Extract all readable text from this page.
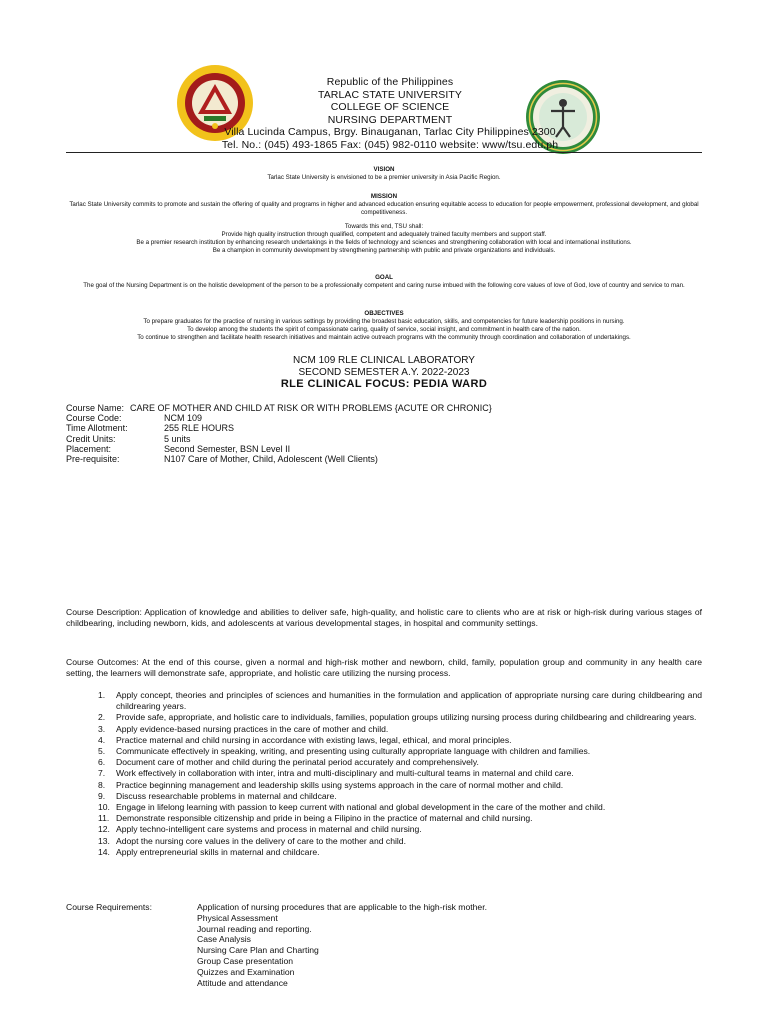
Republic of the Philippines
TARLAC STATE UNIVERSITY
COLLEGE OF SCIENCE
NURSING DEPARTMENT
Villa Lucinda Campus, Brgy. Binauganan, Tarlac City Philippines 2300
Tel. No.: (045) 493-1865 Fax: (045) 982-0110 website: www/tsu.edu.ph
VISION
Tarlac State University is envisioned to be a premier university in Asia Pacific Region.
MISSION
Tarlac State University commits to promote and sustain the offering of quality and programs in higher and advanced education ensuring equitable access to education for people empowerment, professional development, and global competitiveness.
Towards this end, TSU shall:
Provide high quality instruction through qualified, competent and adequately trained faculty members and support staff.
Be a premier research institution by enhancing research undertakings in the fields of technology and sciences and strengthening collaboration with local and international institutions.
Be a champion in community development by strengthening partnership with public and private organizations and individuals.
GOAL
The goal of the Nursing Department is on the holistic development of the person to be a professionally competent and caring nurse imbued with the following core values of love of God, love of country and service to man.
OBJECTIVES
To prepare graduates for the practice of nursing in various settings by providing the broadest basic education, skills, and competencies for future leadership positions in nursing.
To develop among the students the spirit of compassionate caring, quality of service, social insight, and commitment in health care of the nation.
To continue to strengthen and facilitate health research initiatives and maintain active outreach programs with the community through coordination and collaboration of undertakings.
NCM 109 RLE CLINICAL LABORATORY
SECOND SEMESTER A.Y. 2022-2023
RLE CLINICAL FOCUS: PEDIA WARD
Course Name: CARE OF MOTHER AND CHILD AT RISK OR WITH PROBLEMS {ACUTE OR CHRONIC}
Course Code:	NCM 109
Time Allotment:	255 RLE HOURS
Credit Units:	5 units
Placement:	Second Semester, BSN Level II
Pre-requisite:	N107 Care of Mother, Child, Adolescent (Well Clients)
Course Description: Application of knowledge and abilities to deliver safe, high-quality, and holistic care to clients who are at risk or high-risk during various stages of childbearing, including newborn, kids, and adolescents at various developmental stages, in hospital and community settings.
Course Outcomes: At the end of this course, given a normal and high-risk mother and newborn, child, family, population group and community in any health care setting, the learners will demonstrate safe, appropriate, and holistic care utilizing the nursing process.
1. Apply concept, theories and principles of sciences and humanities in the formulation and application of appropriate nursing care during childbearing and childrearing years.
2. Provide safe, appropriate, and holistic care to individuals, families, population groups utilizing nursing process during childbearing and childrearing years.
3. Apply evidence-based nursing practices in the care of mother and child.
4. Practice maternal and child nursing in accordance with existing laws, legal, ethical, and moral principles.
5. Communicate effectively in speaking, writing, and presenting using culturally appropriate language with children and families.
6. Document care of mother and child during the perinatal period accurately and comprehensively.
7. Work effectively in collaboration with inter, intra and multi-disciplinary and multi-cultural teams in maternal and child care.
8. Practice beginning management and leadership skills using systems approach in the care of normal mother and child.
9. Discuss researchable problems in maternal and childcare.
10. Engage in lifelong learning with passion to keep current with national and global development in the care of the mother and child.
11. Demonstrate responsible citizenship and pride in being a Filipino in the practice of maternal and child nursing.
12. Apply techno-intelligent care systems and process in maternal and child nursing.
13. Adopt the nursing core values in the delivery of care to the mother and child.
14. Apply entrepreneurial skills in maternal and childcare.
Course Requirements:	Application of nursing procedures that are applicable to the high-risk mother.
Physical Assessment
Journal reading and reporting.
Case Analysis
Nursing Care Plan and Charting
Group Case presentation
Quizzes and Examination
Attitude and attendance
